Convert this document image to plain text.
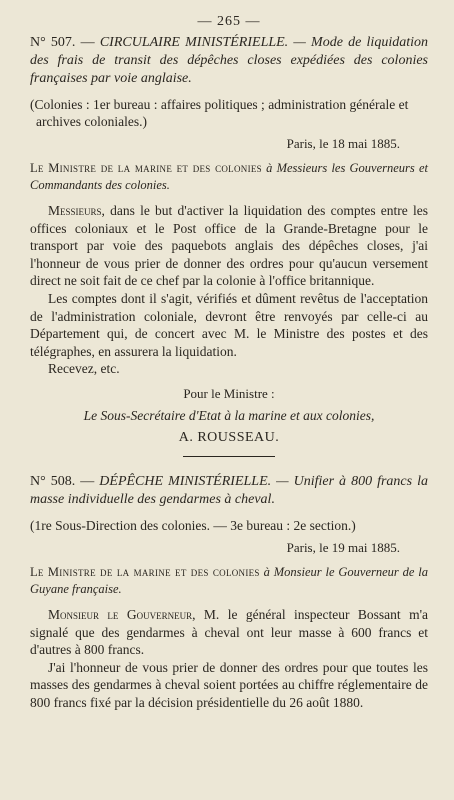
— 265 —
N° 507. — CIRCULAIRE MINISTÉRIELLE. — Mode de liquidation des frais de transit des dépêches closes expédiées des colonies françaises par voie anglaise.
(Colonies : 1er bureau : affaires politiques ; administration générale et archives coloniales.)
Paris, le 18 mai 1885.
Le Ministre de la marine et des colonies à Messieurs les Gouverneurs et Commandants des colonies.

Messieurs, dans le but d'activer la liquidation des comptes entre les offices coloniaux et le Post office de la Grande-Bretagne pour le transport par voie des paquebots anglais des dépêches closes, j'ai l'honneur de vous prier de donner des ordres pour qu'aucun versement direct ne soit fait de ce chef par la colonie à l'office britannique.

Les comptes dont il s'agit, vérifiés et dûment revêtus de l'acceptation de l'administration coloniale, devront être renvoyés par celle-ci au Département qui, de concert avec M. le Ministre des postes et des télégraphes, en assurera la liquidation.

Recevez, etc.

Pour le Ministre :
Le Sous-Secrétaire d'Etat à la marine et aux colonies,
A. ROUSSEAU.
N° 508. — DÉPÊCHE MINISTÉRIELLE. — Unifier à 800 francs la masse individuelle des gendarmes à cheval.
(1re Sous-Direction des colonies. — 3e bureau : 2e section.)
Paris, le 19 mai 1885.
Le Ministre de la marine et des colonies à Monsieur le Gouverneur de la Guyane française.

Monsieur le Gouverneur, M. le général inspecteur Bossant m'a signalé que des gendarmes à cheval ont leur masse à 600 francs et d'autres à 800 francs.

J'ai l'honneur de vous prier de donner des ordres pour que toutes les masses des gendarmes à cheval soient portées au chiffre réglementaire de 800 francs fixé par la décision présidentielle du 26 août 1880.
